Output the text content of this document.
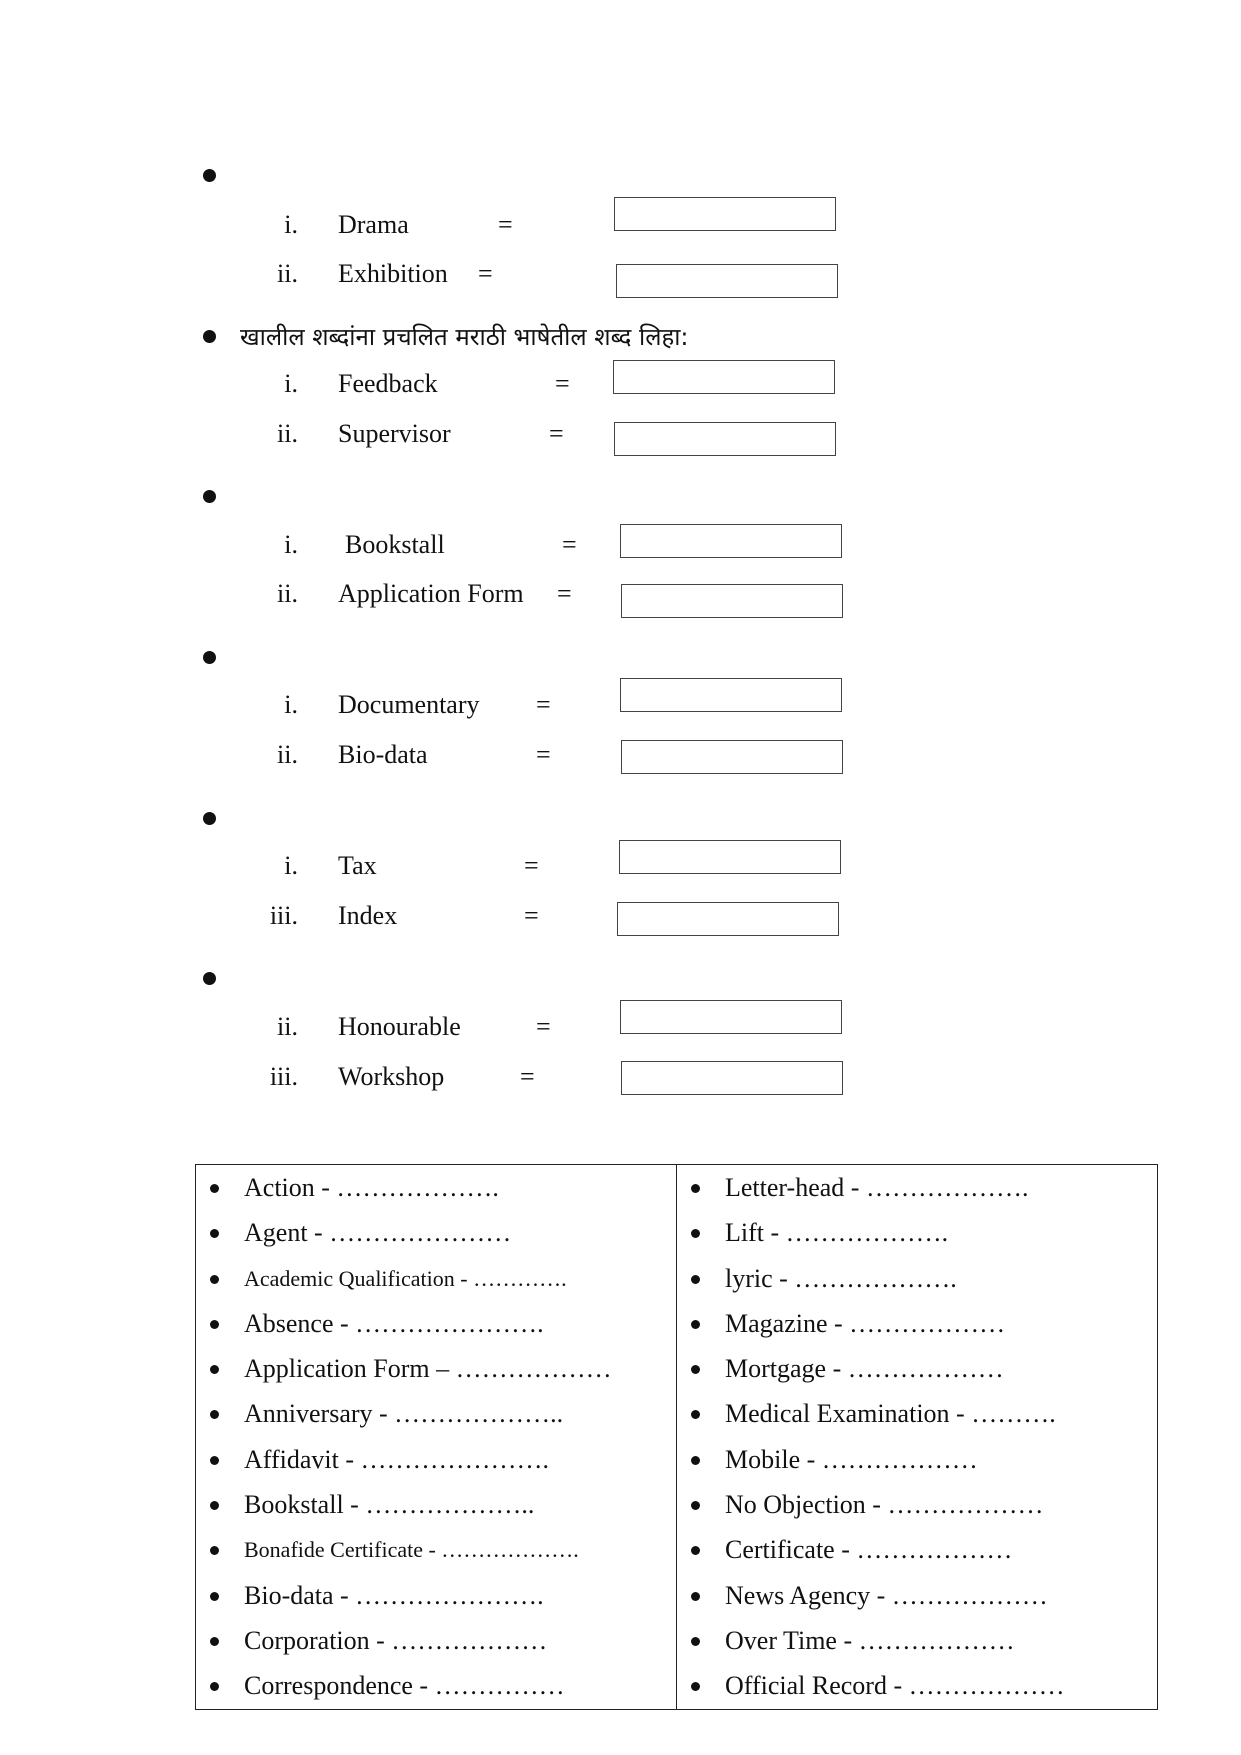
i. Drama	=
ii. Exhibition =
खालील शब्दांना प्रचलित मराठी भाषेतील शब्द लिहा:
i. Feedback	=
ii. Supervisor	=
i. Bookstall	=
ii. Application Form =
i. Documentary =
ii. Bio-data	=
i. Tax	=
iii. Index	=
ii. Honourable	=
iii. Workshop	=
Action - ……………….
Agent - …………………
Academic Qualification - ………….
Absence - ………………….
Application Form – ………………
Anniversary - ………………..
Affidavit - ………………….
Bookstall - ………………..
Bonafide Certificate - ……………….
Bio-data - ………………….
Corporation - ………………
Correspondence - ……………

Letter-head - ……………….
Lift - ……………….
lyric - ……………….
Magazine - ………………
Mortgage - ………………
Medical Examination - ……….
Mobile - ………………
No Objection - ………………
Certificate - ………………
News Agency - ………………
Over Time - ………………
Official Record - ………………
